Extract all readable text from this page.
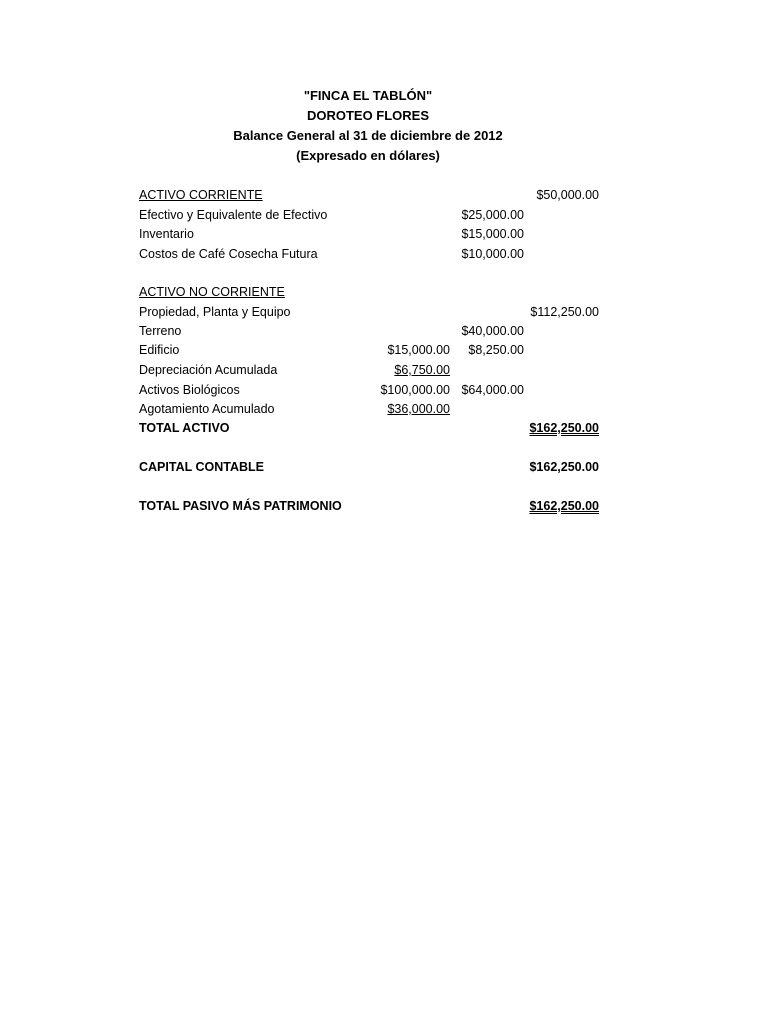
"FINCA EL TABLÓN"
DOROTEO FLORES
Balance General al 31 de diciembre de 2012
(Expresado en dólares)
ACTIVO CORRIENTE	$50,000.00
Efectivo y Equivalente de Efectivo	$25,000.00
Inventario	$15,000.00
Costos de Café Cosecha Futura	$10,000.00
ACTIVO NO CORRIENTE
Propiedad, Planta y Equipo	$112,250.00
Terreno	$40,000.00
Edificio	$15,000.00 $8,250.00
Depreciación Acumulada	$6,750.00
Activos Biológicos	$100,000.00 $64,000.00
Agotamiento Acumulado	$36,000.00
TOTAL ACTIVO	$162,250.00
CAPITAL CONTABLE	$162,250.00
TOTAL PASIVO MÁS PATRIMONIO	$162,250.00
